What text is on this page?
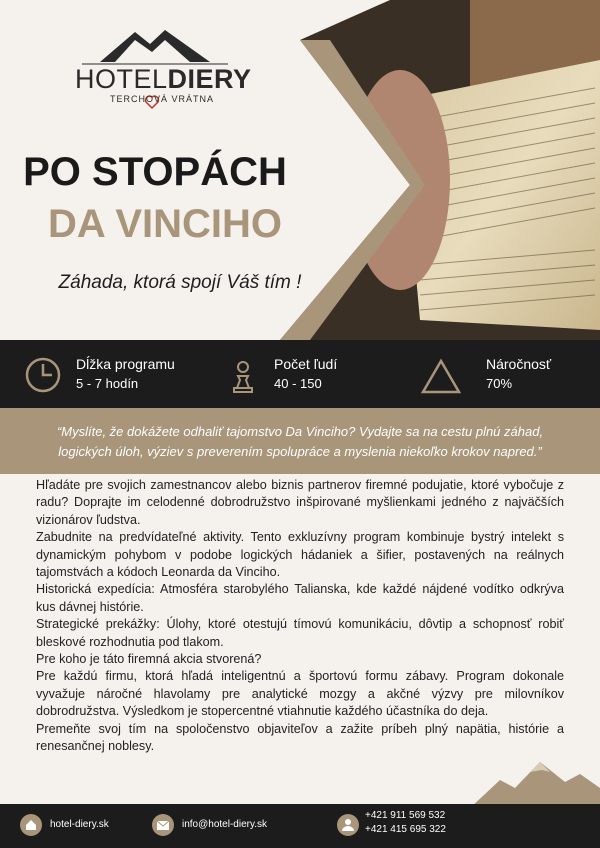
HOTELDIERY
TERCHOVÁ VRÁTNA
PO STOPÁCH
DA VINCIHO
Záhada, ktorá spojí Váš tím !
Dĺžka programu
5 - 7 hodín
Počet ľudí
40 - 150
Náročnosť
70%

“Myslíte, že dokážete odhaliť tajomstvo Da Vinciho? Vydajte sa na cestu plnú záhad, logických úloh, výziev s preverením spolupráce a myslenia niekoľko krokov napred.”

Hľadáte pre svojich zamestnancov alebo biznis partnerov firemné podujatie, ktoré vybočuje z radu? Doprajte im celodenné dobrodružstvo inšpirované myšlienkami jedného z najväčších vizionárov ľudstva.

Zabudnite na predvídateľné aktivity. Tento exkluzívny program kombinuje bystrý intelekt s dynamickým pohybom v podobe logických hádaniek a šifier, postavených na reálnych tajomstvách a kódoch Leonarda da Vinciho.

Historická expedícia: Atmosféra starobylého Talianska, kde každé nájdené vodítko odkrýva kus dávnej histórie.

Strategické prekážky: Úlohy, ktoré otestujú tímovú komunikáciu, dôvtip a schopnosť robiť bleskové rozhodnutia pod tlakom.

Pre koho je táto firemná akcia stvorená?

Pre každú firmu, ktorá hľadá inteligentnú a športovú formu zábavy. Program dokonale vyvažuje náročné hlavolamy pre analytické mozgy a akčné výzvy pre milovníkov dobrodružstva. Výsledkom je stopercentné vtiahnutie každého účastníka do deja.

Premeňte svoj tím na spoločenstvo objaviteľov a zažite príbeh plný napätia, histórie a renesančnej noblesy.

hotel-diery.sk	info@hotel-diery.sk
+421 911 569 532
+421 415 695 322
